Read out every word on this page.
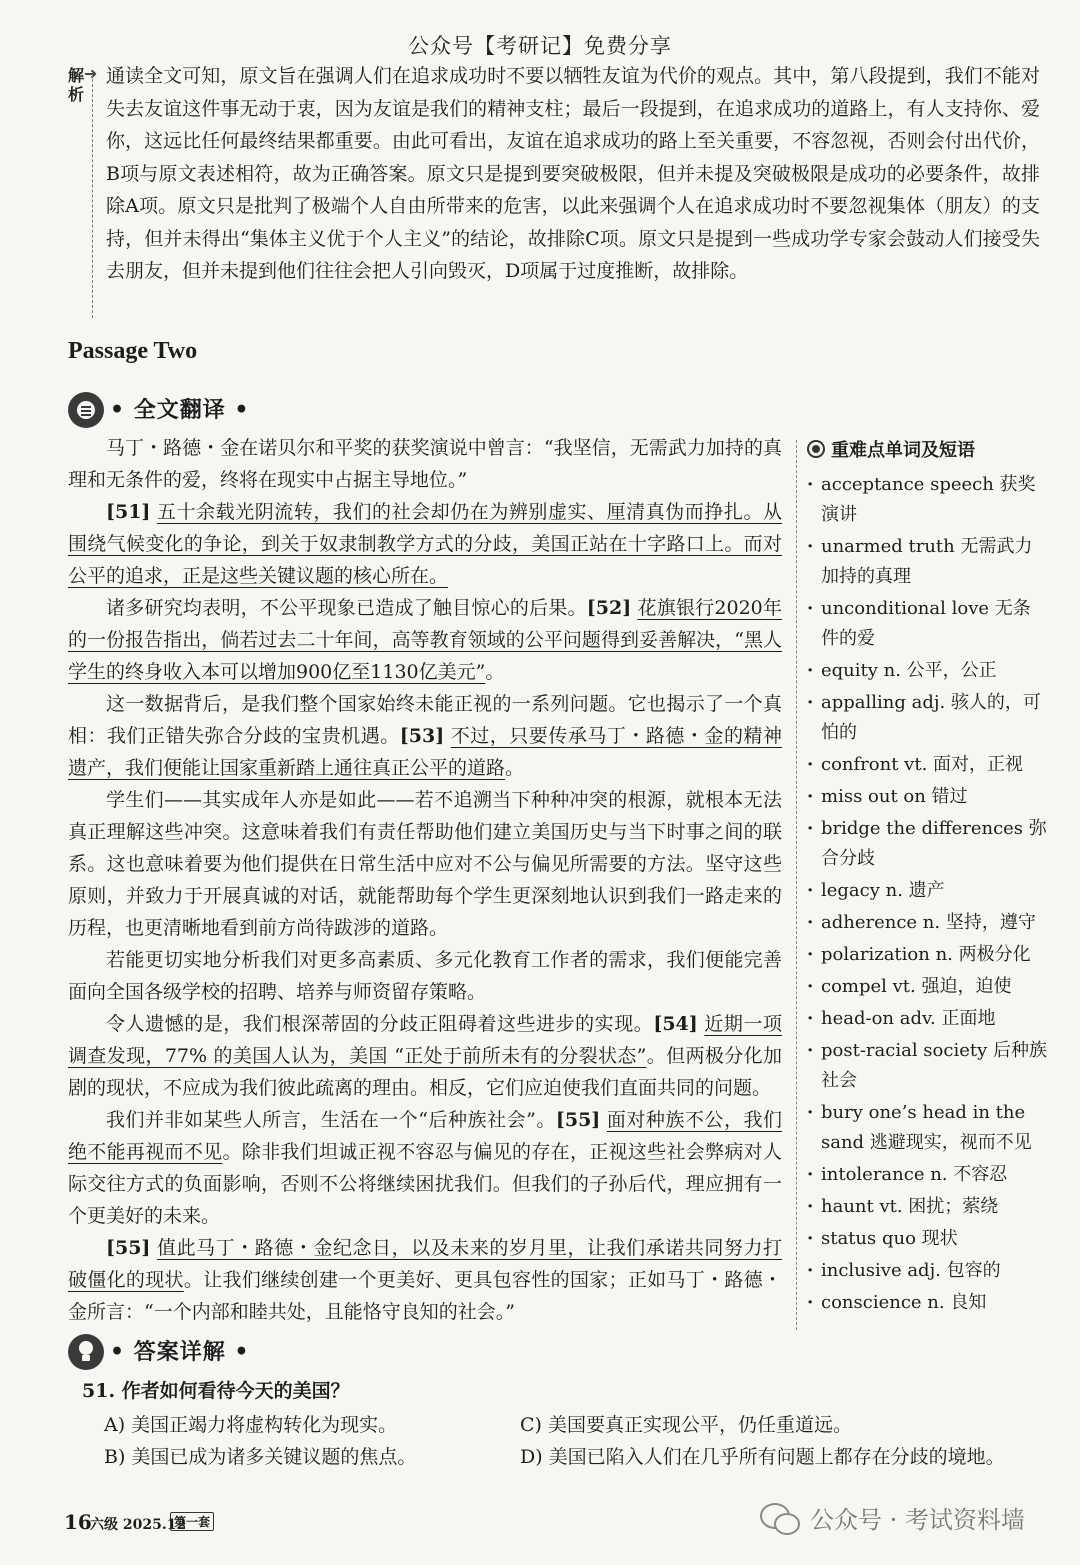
公众号【考研记】免费分享
解析
➜ 通读全文可知，原文旨在强调人们在追求成功时不要以牺牲友谊为代价的观点。其中，第八段提到，我们不能对失去友谊这件事无动于衷，因为友谊是我们的精神支柱；最后一段提到，在追求成功的道路上，有人支持你、爱你，这远比任何最终结果都重要。由此可看出，友谊在追求成功的路上至关重要，不容忽视，否则会付出代价，B项与原文表述相符，故为正确答案。原文只是提到要突破极限，但并未提及突破极限是成功的必要条件，故排除A项。原文只是批判了极端个人自由所带来的危害，以此来强调个人在追求成功时不要忽视集体（朋友）的支持，但并未得出“集体主义优于个人主义”的结论，故排除C项。原文只是提到一些成功学专家会鼓动人们接受失去朋友，但并未提到他们往往会把人引向毁灭，D项属于过度推断，故排除。
Passage Two
• 全文翻译 •

马丁・路德・金在诺贝尔和平奖的获奖演说中曾言：“我坚信，无需武力加持的真理和无条件的爱，终将在现实中占据主导地位。”

[51] 五十余载光阴流转，我们的社会却仍在为辨别虚实、厘清真伪而挣扎。从围绕气候变化的争论，到关于奴隶制教学方式的分歧，美国正站在十字路口上。而对公平的追求，正是这些关键议题的核心所在。

诸多研究均表明，不公平现象已造成了触目惊心的后果。[52] 花旗银行2020年的一份报告指出，倘若过去二十年间，高等教育领域的公平问题得到妥善解决，“黑人学生的终身收入本可以增加900亿至1130亿美元”。

这一数据背后，是我们整个国家始终未能正视的一系列问题。它也揭示了一个真相：我们正错失弥合分歧的宝贵机遇。[53] 不过，只要传承马丁・路德・金的精神遗产，我们便能让国家重新踏上通往真正公平的道路。

学生们——其实成年人亦是如此——若不追溯当下种种冲突的根源，就根本无法真正理解这些冲突。这意味着我们有责任帮助他们建立美国历史与当下时事之间的联系。这也意味着要为他们提供在日常生活中应对不公与偏见所需要的方法。坚守这些原则，并致力于开展真诚的对话，就能帮助每个学生更深刻地认识到我们一路走来的历程，也更清晰地看到前方尚待跋涉的道路。

若能更切实地分析我们对更多高素质、多元化教育工作者的需求，我们便能完善面向全国各级学校的招聘、培养与师资留存策略。

令人遗憾的是，我们根深蒂固的分歧正阻碍着这些进步的实现。[54] 近期一项调查发现，77% 的美国人认为，美国 “正处于前所未有的分裂状态”。但两极分化加剧的现状，不应成为我们彼此疏离的理由。相反，它们应迫使我们直面共同的问题。

我们并非如某些人所言，生活在一个“后种族社会”。[55] 面对种族不公，我们绝不能再视而不见。除非我们坦诚正视不容忍与偏见的存在，正视这些社会弊病对人际交往方式的负面影响，否则不公将继续困扰我们。但我们的子孙后代，理应拥有一个更美好的未来。

[55] 值此马丁・路德・金纪念日，以及未来的岁月里，让我们承诺共同努力打破僵化的现状。让我们继续创建一个更美好、更具包容性的国家；正如马丁・路德・金所言：“一个内部和睦共处，且能恪守良知的社会。”

重难点单词及短语
· acceptance speech 获奖演讲
· unarmed truth 无需武力加持的真理
· unconditional love 无条件的爱
· equity n. 公平，公正
· appalling adj. 骇人的，可怕的
· confront vt. 面对，正视
· miss out on 错过
· bridge the differences 弥合分歧
· legacy n. 遗产
· adherence n. 坚持，遵守
· polarization n. 两极分化
· compel vt. 强迫，迫使
· head-on adv. 正面地
· post-racial society 后种族社会
· bury one’s head in the sand 逃避现实，视而不见
· intolerance n. 不容忍
· haunt vt. 困扰；萦绕
· status quo 现状
· inclusive adj. 包容的
· conscience n. 良知
• 答案详解 •
51. 作者如何看待今天的美国？
A) 美国正竭力将虚构转化为现实。
B) 美国已成为诸多关键议题的焦点。
C) 美国要真正实现公平，仍任重道远。
D) 美国已陷入人们在几乎所有问题上都存在分歧的境地。
16
六级 2025.12
第一套	公众号 · 考试资料墙
